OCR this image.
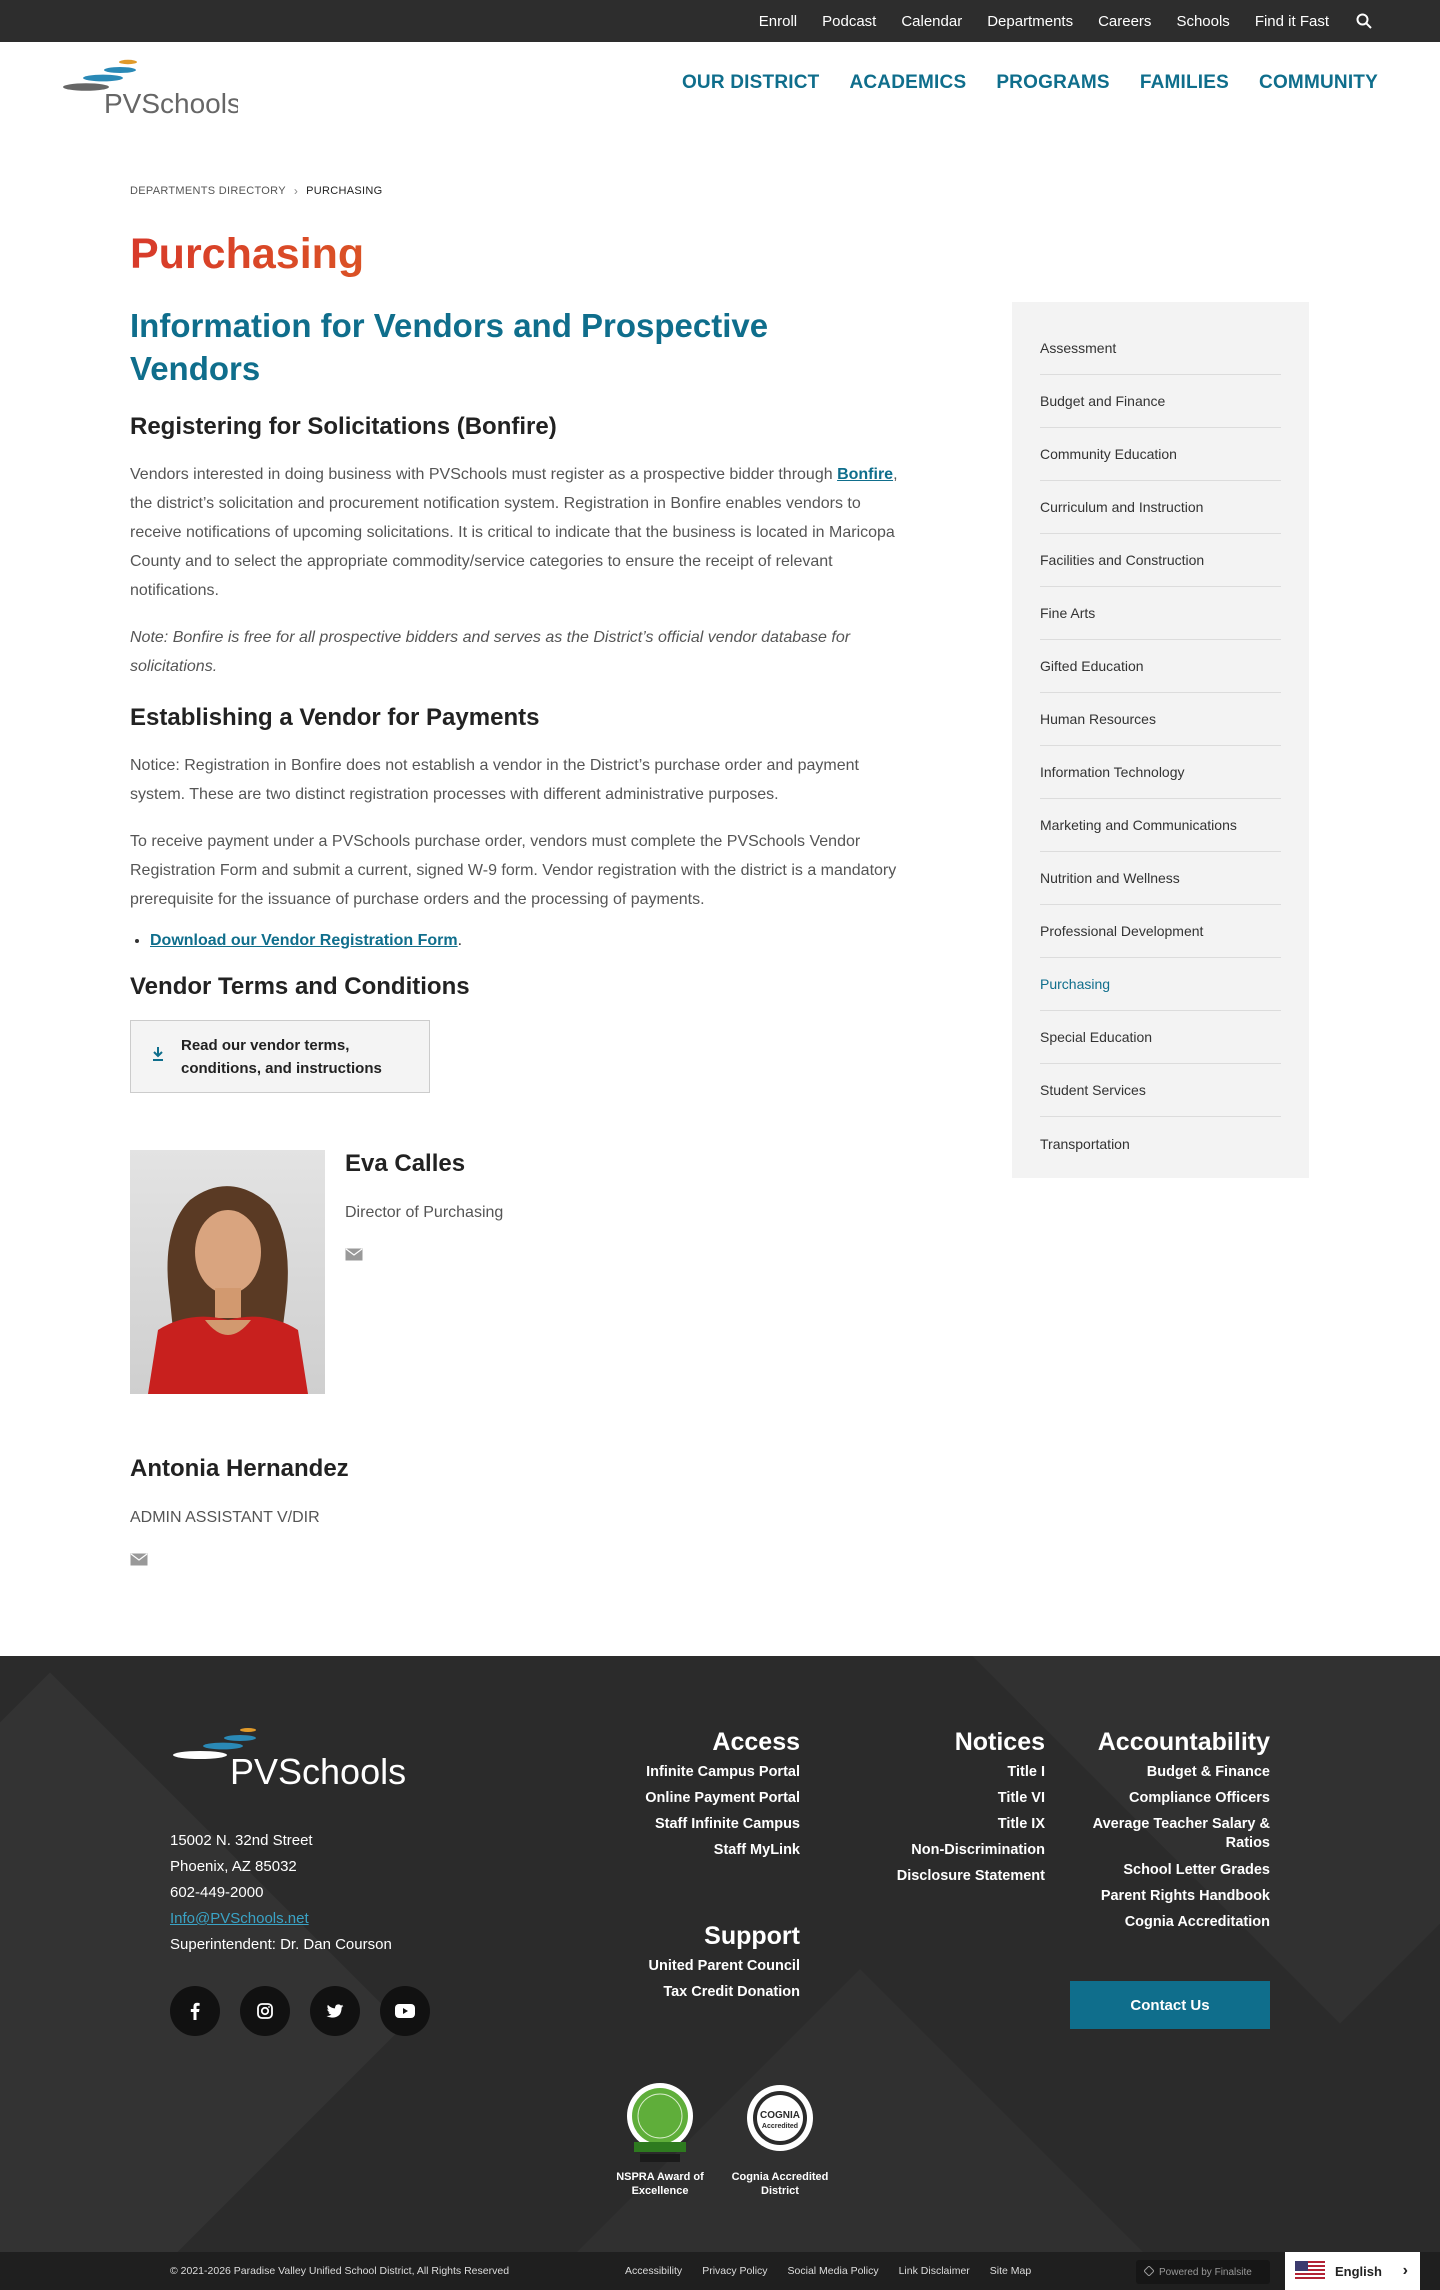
Enroll Podcast Calendar Departments Careers Schools Find it Fast
PVSchools
OUR DISTRICT ACADEMICS PROGRAMS FAMILIES COMMUNITY
DEPARTMENTS DIRECTORY › PURCHASING
Purchasing
Information for Vendors and Prospective Vendors
Registering for Solicitations (Bonfire)

Vendors interested in doing business with PVSchools must register as a prospective bidder through Bonfire, the district’s solicitation and procurement notification system. Registration in Bonfire enables vendors to receive notifications of upcoming solicitations. It is critical to indicate that the business is located in Maricopa County and to select the appropriate commodity/service categories to ensure the receipt of relevant notifications.

Note: Bonfire is free for all prospective bidders and serves as the District’s official vendor database for solicitations.

Establishing a Vendor for Payments

Notice: Registration in Bonfire does not establish a vendor in the District’s purchase order and payment system. These are two distinct registration processes with different administrative purposes.

To receive payment under a PVSchools purchase order, vendors must complete the PVSchools Vendor Registration Form and submit a current, signed W-9 form. Vendor registration with the district is a mandatory prerequisite for the issuance of purchase orders and the processing of payments.

• Download our Vendor Registration Form.
Vendor Terms and Conditions
Read our vendor terms, conditions, and instructions
Eva Calles
Director of Purchasing
Antonia Hernandez
ADMIN ASSISTANT V/DIR
Assessment
Budget and Finance
Community Education
Curriculum and Instruction
Facilities and Construction
Fine Arts
Gifted Education
Human Resources
Information Technology
Marketing and Communications
Nutrition and Wellness
Professional Development
Purchasing
Special Education
Student Services
Transportation
PVSchools
15002 N. 32nd Street
Phoenix, AZ 85032
602-449-2000
Info@PVSchools.net
Superintendent: Dr. Dan Courson
Access
Infinite Campus Portal
Online Payment Portal
Staff Infinite Campus
Staff MyLink
Support
United Parent Council
Tax Credit Donation
Notices
Title I
Title VI
Title IX
Non-Discrimination
Disclosure Statement
Accountability
Budget & Finance
Compliance Officers
Average Teacher Salary & Ratios
School Letter Grades
Parent Rights Handbook
Cognia Accreditation
Contact Us
NSPRA Award of Excellence
COGNIA
Accredited
Cognia Accredited District
© 2021-2026 Paradise Valley Unified School District, All Rights Reserved	Accessibility Privacy Policy Social Media Policy Link Disclaimer Site Map	Powered by Finalsite	English ›
